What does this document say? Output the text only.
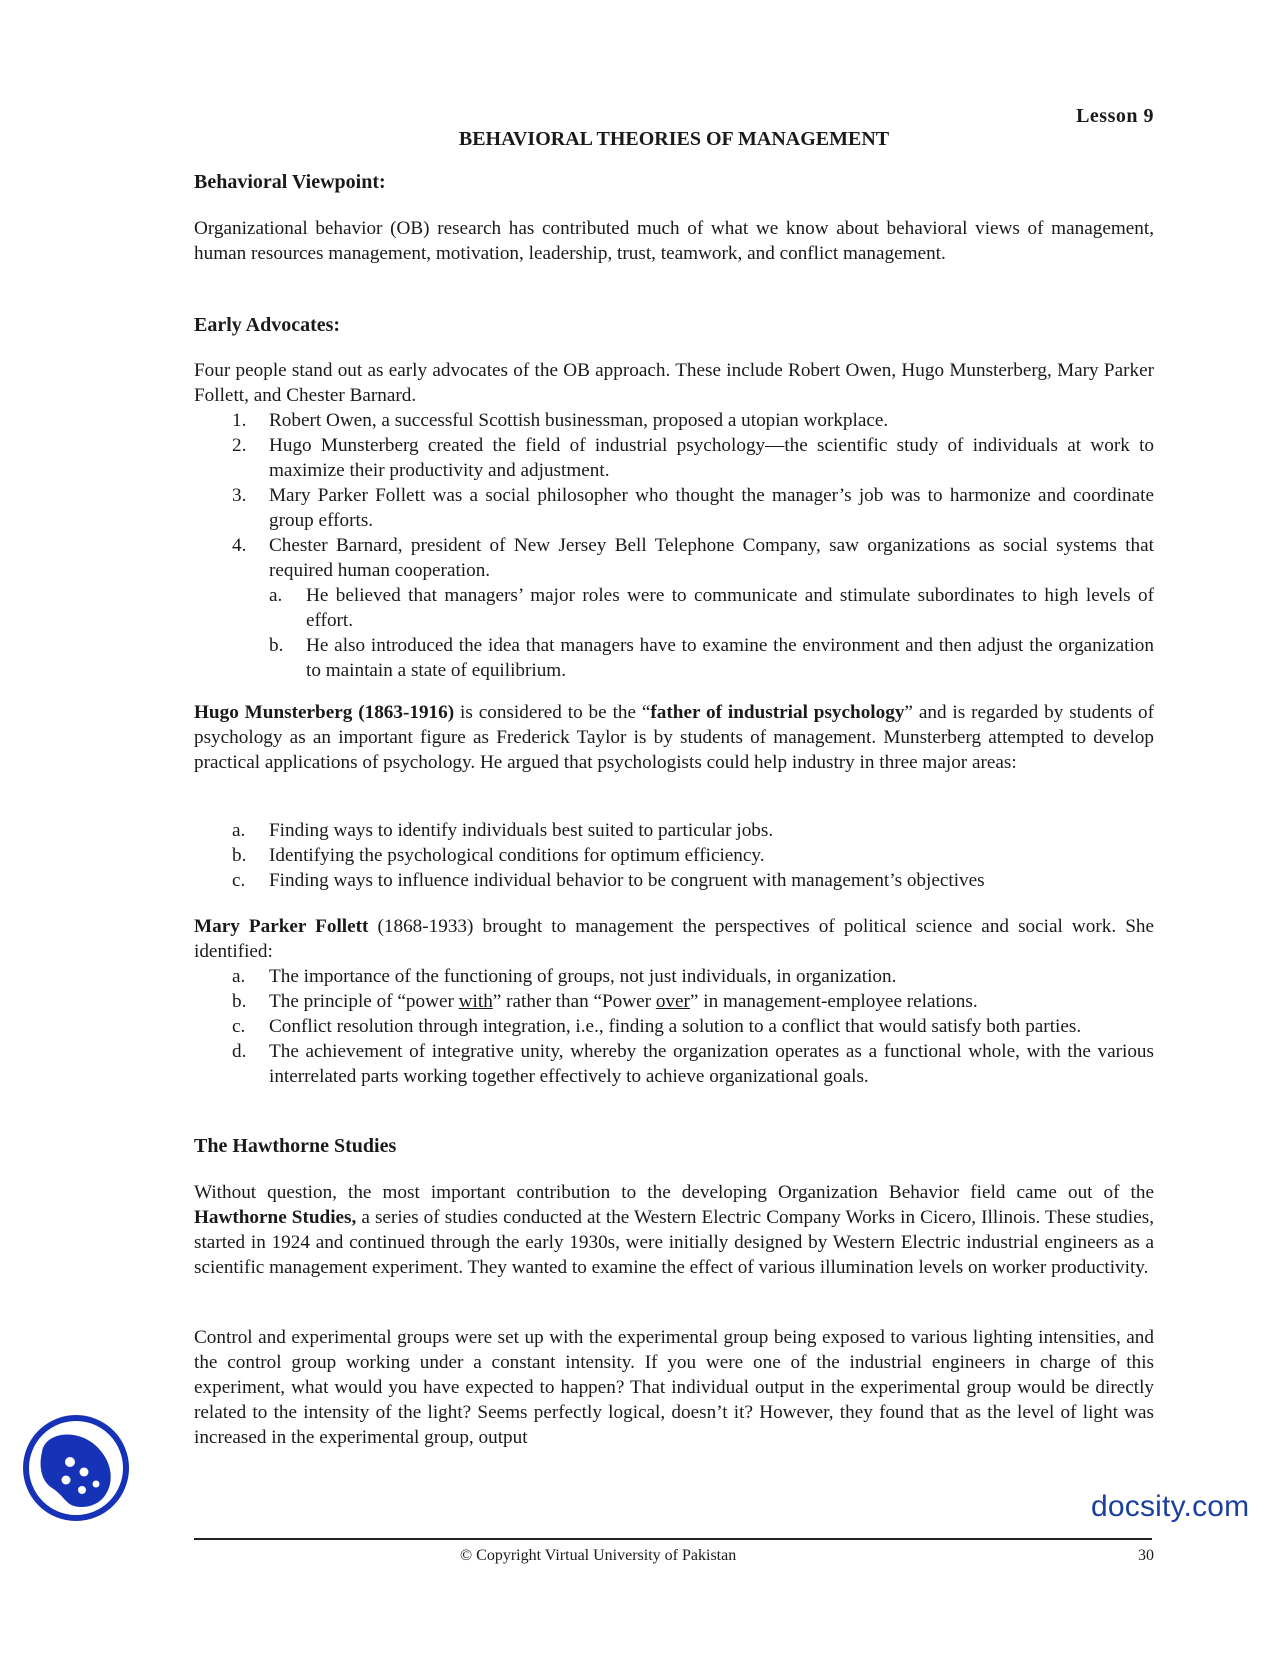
Lesson 9
BEHAVIORAL THEORIES OF MANAGEMENT
Behavioral Viewpoint:

Organizational behavior (OB) research has contributed much of what we know about behavioral views of management, human resources management, motivation, leadership, trust, teamwork, and conflict management.

Early Advocates:

Four people stand out as early advocates of the OB approach. These include Robert Owen, Hugo Munsterberg, Mary Parker Follett, and Chester Barnard.

1. Robert Owen, a successful Scottish businessman, proposed a utopian workplace.
2. Hugo Munsterberg created the field of industrial psychology—the scientific study of individuals at work to maximize their productivity and adjustment.
3. Mary Parker Follett was a social philosopher who thought the manager’s job was to harmonize and coordinate group efforts.
4. Chester Barnard, president of New Jersey Bell Telephone Company, saw organizations as social systems that required human cooperation.
a. He believed that managers’ major roles were to communicate and stimulate subordinates to high levels of effort.
b. He also introduced the idea that managers have to examine the environment and then adjust the organization to maintain a state of equilibrium.

Hugo Munsterberg (1863-1916) is considered to be the “father of industrial psychology” and is regarded by students of psychology as an important figure as Frederick Taylor is by students of management. Munsterberg attempted to develop practical applications of psychology. He argued that psychologists could help industry in three major areas:

a. Finding ways to identify individuals best suited to particular jobs.
b. Identifying the psychological conditions for optimum efficiency.
c. Finding ways to influence individual behavior to be congruent with management’s objectives

Mary Parker Follett (1868-1933) brought to management the perspectives of political science and social work. She identified:

a. The importance of the functioning of groups, not just individuals, in organization.
b. The principle of “power with” rather than “Power over” in management-employee relations.
c. Conflict resolution through integration, i.e., finding a solution to a conflict that would satisfy both parties.
d. The achievement of integrative unity, whereby the organization operates as a functional whole, with the various interrelated parts working together effectively to achieve organizational goals.
The Hawthorne Studies

Without question, the most important contribution to the developing Organization Behavior field came out of the Hawthorne Studies, a series of studies conducted at the Western Electric Company Works in Cicero, Illinois. These studies, started in 1924 and continued through the early 1930s, were initially designed by Western Electric industrial engineers as a scientific management experiment. They wanted to examine the effect of various illumination levels on worker productivity.

Control and experimental groups were set up with the experimental group being exposed to various lighting intensities, and the control group working under a constant intensity. If you were one of the industrial engineers in charge of this experiment, what would you have expected to happen? That individual output in the experimental group would be directly related to the intensity of the light? Seems perfectly logical, doesn’t it? However, they found that as the level of light was increased in the experimental group, output

© Copyright Virtual University of Pakistan	30
docsity.com
